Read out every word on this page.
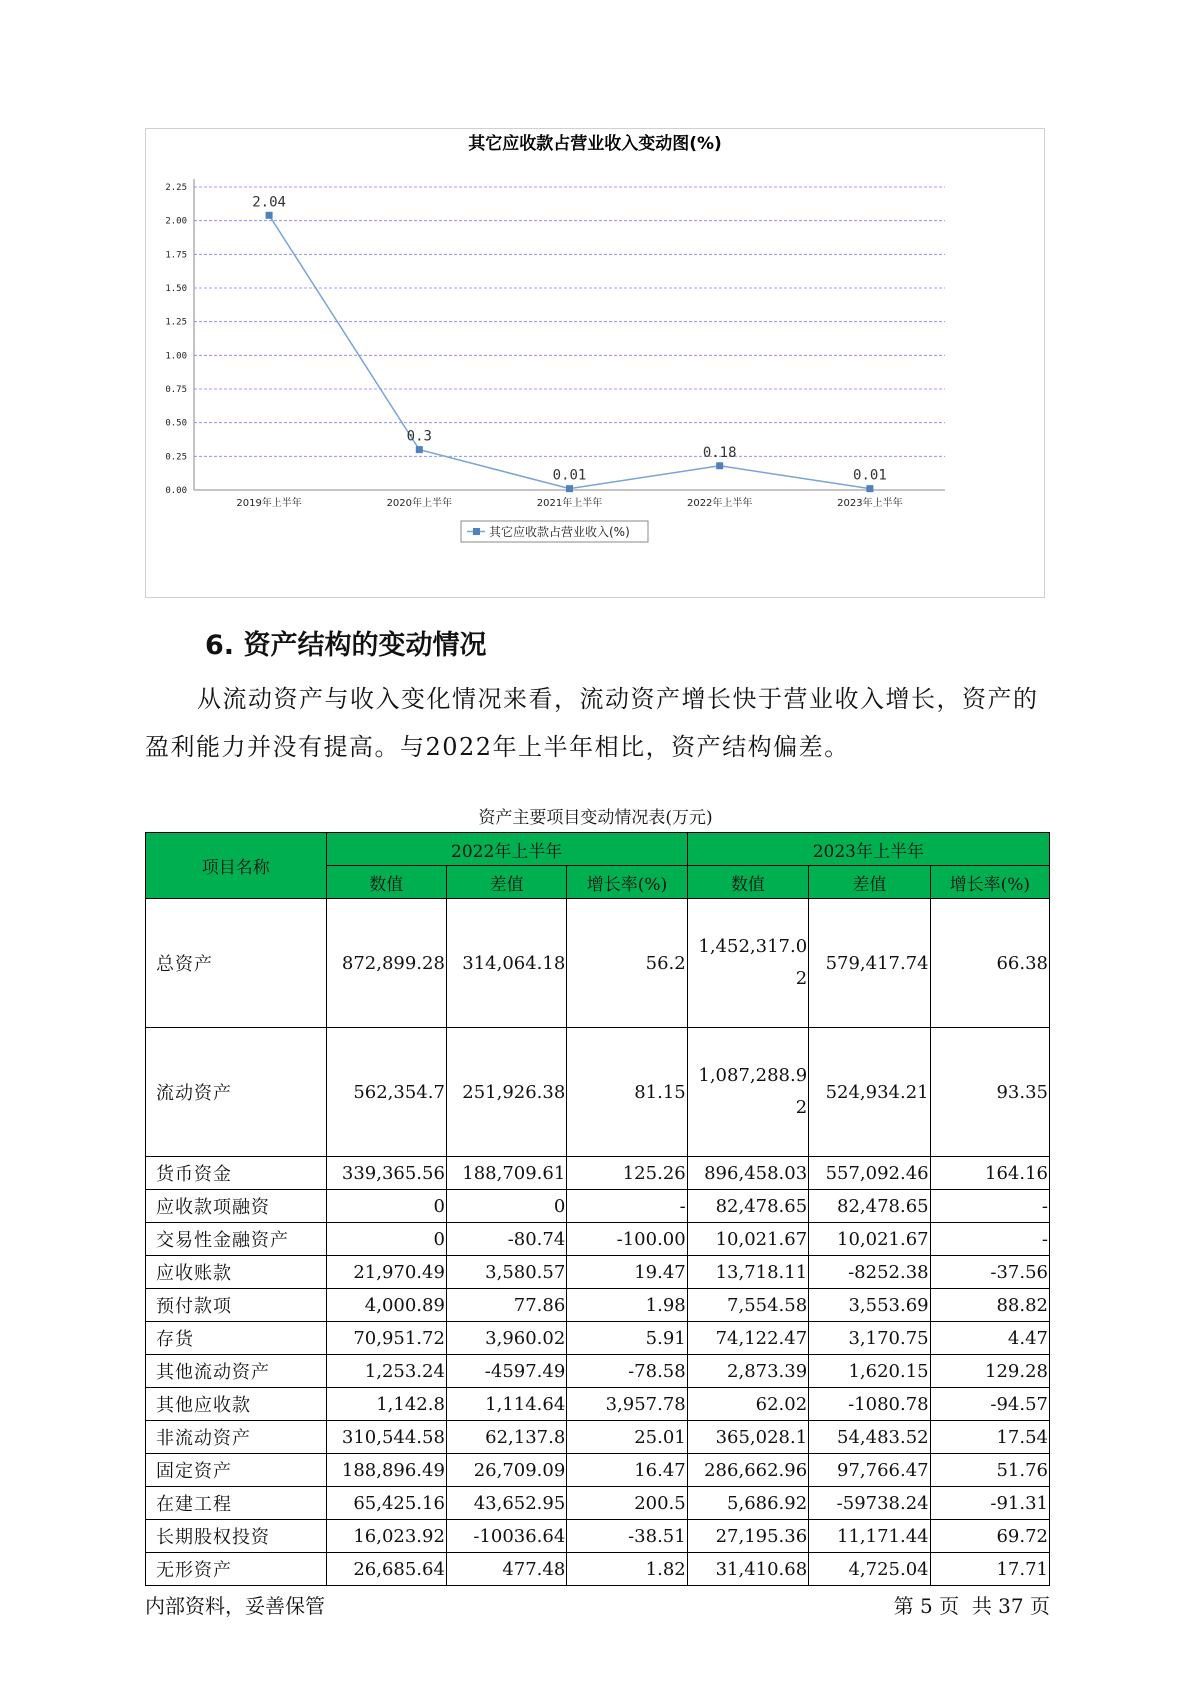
其它应收款占营业收入变动图(%)
0.00
0.25
0.50
0.75
1.00
1.25
1.50
1.75
2.00
2.25
2019年上半年	2020年上半年	2021年上半年	2022年上半年	2023年上半年
2.04
0.3
0.01
0.18
0.01
其它应收款占营业收入(%)
6. 资产结构的变动情况

从流动资产与收入变化情况来看，流动资产增长快于营业收入增长，资产的盈利能力并没有提高。与2022年上半年相比，资产结构偏差。

资产主要项目变动情况表(万元)

项目名称	2022年上半年			2023年上半年		
	数值	差值	增长率(%)	数值	差值	增长率(%)
总资产	872,899.28	314,064.18	56.2	1,452,317.02	579,417.74	66.38
流动资产	562,354.7	251,926.38	81.15	1,087,288.92	524,934.21	93.35
货币资金	339,365.56	188,709.61	125.26	896,458.03	557,092.46	164.16
应收款项融资	0	0	-	82,478.65	82,478.65	-
交易性金融资产	0	-80.74	-100.00	10,021.67	10,021.67	-
应收账款	21,970.49	3,580.57	19.47	13,718.11	-8252.38	-37.56
预付款项	4,000.89	77.86	1.98	7,554.58	3,553.69	88.82
存货	70,951.72	3,960.02	5.91	74,122.47	3,170.75	4.47
其他流动资产	1,253.24	-4597.49	-78.58	2,873.39	1,620.15	129.28
其他应收款	1,142.8	1,114.64	3,957.78	62.02	-1080.78	-94.57
非流动资产	310,544.58	62,137.8	25.01	365,028.1	54,483.52	17.54
固定资产	188,896.49	26,709.09	16.47	286,662.96	97,766.47	51.76
在建工程	65,425.16	43,652.95	200.5	5,686.92	-59738.24	-91.31
长期股权投资	16,023.92	-10036.64	-38.51	27,195.36	11,171.44	69.72
无形资产	26,685.64	477.48	1.82	31,410.68	4,725.04	17.71
内部资料，妥善保管	第 5 页  共 37 页
